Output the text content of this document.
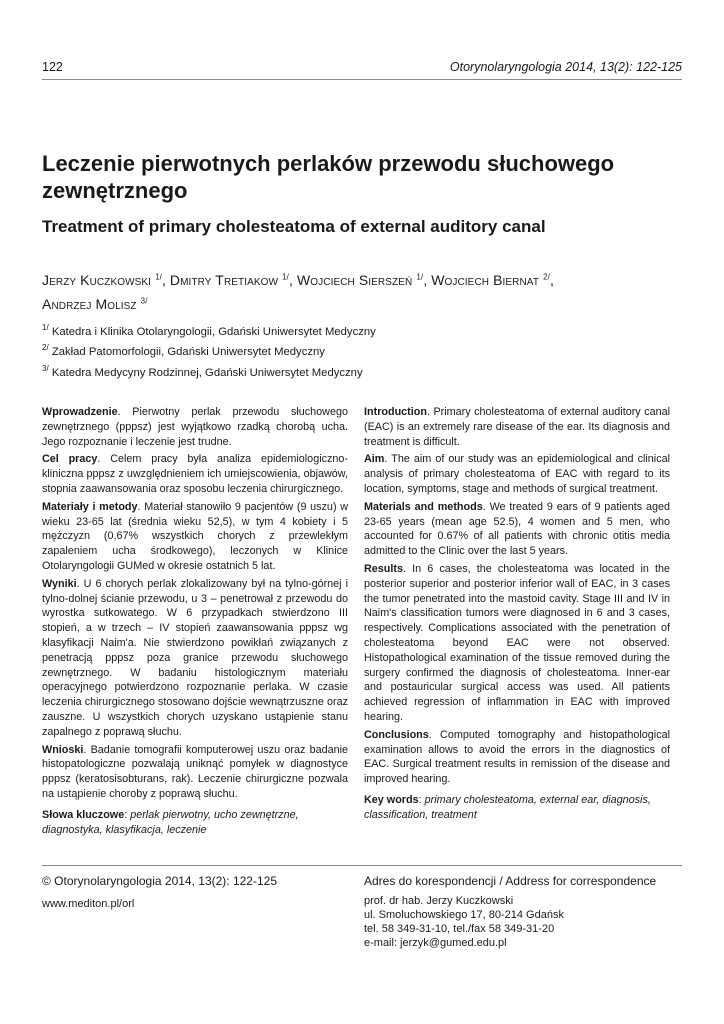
122	Otorynolaryngologia 2014, 13(2): 122-125
Leczenie pierwotnych perlaków przewodu słuchowego zewnętrznego
Treatment of primary cholesteatoma of external auditory canal
Jerzy Kuczkowski $^{1/}$, Dmitry Tretiakow $^{1/}$, Wojciech Sierszeń $^{1/}$, Wojciech Biernat $^{2/}$,
Andrzej Molisz $^{3/}$
$^{1/}$ Katedra i Klinika Otolaryngologii, Gdański Uniwersytet Medyczny
$^{2/}$ Zakład Patomorfologii, Gdański Uniwersytet Medyczny
$^{3/}$ Katedra Medycyny Rodzinnej, Gdański Uniwersytet Medyczny

Wprowadzenie. Pierwotny perlak przewodu słuchowego zewnętrznego (pppsz) jest wyjątkowo rzadką chorobą ucha. Jego rozpoznanie i leczenie jest trudne.

Cel pracy. Celem pracy była analiza epidemiologiczno-kliniczna pppsz z uwzględnieniem ich umiejscowienia, objawów, stopnia zaawansowania oraz sposobu leczenia chirurgicznego.

Materiały i metody. Materiał stanowiło 9 pacjentów (9 uszu) w wieku 23-65 lat (średnia wieku 52,5), w tym 4 kobiety i 5 mężczyzn (0,67% wszystkich chorych z przewlekłym zapaleniem ucha środkowego), leczonych w Klinice Otolaryngologii GUMed w okresie ostatnich 5 lat.

Wyniki. U 6 chorych perlak zlokalizowany był na tylno-górnej i tylno-dolnej ścianie przewodu, u 3 – penetrował z przewodu do wyrostka sutkowatego. W 6 przypadkach stwierdzono III stopień, a w trzech – IV stopień zaawansowania pppsz wg klasyfikacji Naim'a. Nie stwierdzono powikłań związanych z penetracją pppsz poza granice przewodu słuchowego zewnętrznego. W badaniu histologicznym materiału operacyjnego potwierdzono rozpoznanie perlaka. W czasie leczenia chirurgicznego stosowano dojście wewnątrzuszne oraz zauszne. U wszystkich chorych uzyskano ustąpienie stanu zapalnego z poprawą słuchu.

Wnioski. Badanie tomografii komputerowej uszu oraz badanie histopatologiczne pozwalają uniknąć pomyłek w diagnostyce pppsz (keratosisobturans, rak). Leczenie chirurgiczne pozwala na ustąpienie choroby z poprawą słuchu.

Słowa kluczowe: perlak pierwotny, ucho zewnętrzne, diagnostyka, klasyfikacja, leczenie

Introduction. Primary cholesteatoma of external auditory canal (EAC) is an extremely rare disease of the ear. Its diagnosis and treatment is difficult.

Aim. The aim of our study was an epidemiological and clinical analysis of primary cholesteatoma of EAC with regard to its location, symptoms, stage and methods of surgical treatment.

Materials and methods. We treated 9 ears of 9 patients aged 23-65 years (mean age 52.5), 4 women and 5 men, who accounted for 0.67% of all patients with chronic otitis media admitted to the Clinic over the last 5 years.

Results. In 6 cases, the cholesteatoma was located in the posterior superior and posterior inferior wall of EAC, in 3 cases the tumor penetrated into the mastoid cavity. Stage III and IV in Naim's classification tumors were diagnosed in 6 and 3 cases, respectively. Complications associated with the penetration of cholesteatoma beyond EAC were not observed. Histopathological examination of the tissue removed during the surgery confirmed the diagnosis of cholesteatoma. Inner-ear and postauricular surgical access was used. All patients achieved regression of inflammation in EAC with improved hearing.

Conclusions. Computed tomography and histopathological examination allows to avoid the errors in the diagnostics of EAC. Surgical treatment results in remission of the disease and improved hearing.

Key words: primary cholesteatoma, external ear, diagnosis, classification, treatment

© Otorynolaryngologia 2014, 13(2): 122-125
www.mediton.pl/orl
Adres do korespondencji / Address for correspondence
prof. dr hab. Jerzy Kuczkowski
ul. Smoluchowskiego 17, 80-214 Gdańsk
tel. 58 349-31-10, tel./fax 58 349-31-20
e-mail: jerzyk@gumed.edu.pl
